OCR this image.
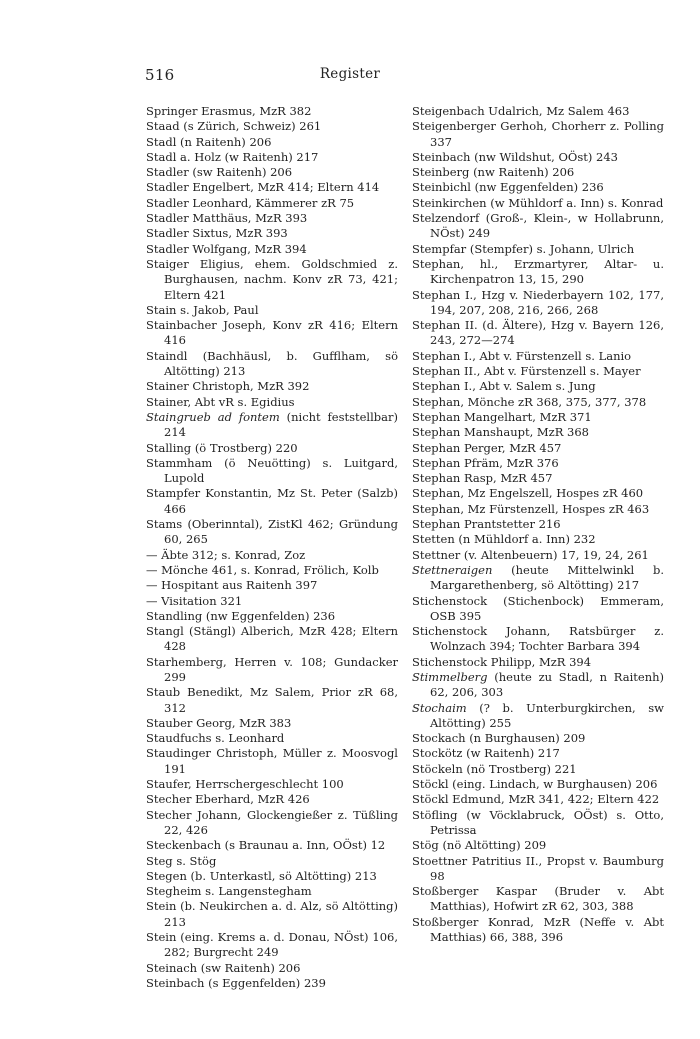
516	Register

Springer Erasmus, MzR 382

Staad (s Zürich, Schweiz) 261

Stadl (n Raitenh) 206

Stadl a. Holz (w Raitenh) 217

Stadler (sw Raitenh) 206

Stadler Engelbert, MzR 414; Eltern 414

Stadler Leonhard, Kämmerer zR 75

Stadler Matthäus, MzR 393

Stadler Sixtus, MzR 393

Stadler Wolfgang, MzR 394

Staiger Eligius, ehem. Goldschmied z. Burghausen, nachm. Konv zR 73, 421; Eltern 421

Stain s. Jakob, Paul

Stainbacher Joseph, Konv zR 416; Eltern 416

Staindl (Bachhäusl, b. Gufflham, sö Altötting) 213

Stainer Christoph, MzR 392

Stainer, Abt vR s. Egidius

Staingrueb ad fontem (nicht feststellbar) 214

Stalling (ö Trostberg) 220

Stammham (ö Neuötting) s. Luitgard, Lupold

Stampfer Konstantin, Mz St. Peter (Salzb) 466

Stams (Oberinntal), ZistKl 462; Gründung 60, 265

— Äbte 312; s. Konrad, Zoz

— Mönche 461, s. Konrad, Frölich, Kolb

— Hospitant aus Raitenh 397

— Visitation 321

Standling (nw Eggenfelden) 236

Stangl (Stängl) Alberich, MzR 428; Eltern 428

Starhemberg, Herren v. 108; Gundacker 299

Staub Benedikt, Mz Salem, Prior zR 68, 312

Stauber Georg, MzR 383

Staudfuchs s. Leonhard

Staudinger Christoph, Müller z. Moosvogl 191

Staufer, Herrschergeschlecht 100

Stecher Eberhard, MzR 426

Stecher Johann, Glockengießer z. Tüßling 22, 426

Steckenbach (s Braunau a. Inn, OÖst) 12

Steg s. Stög

Stegen (b. Unterkastl, sö Altötting) 213

Stegheim s. Langenstegham

Stein (b. Neukirchen a. d. Alz, sö Altötting) 213

Stein (eing. Krems a. d. Donau, NÖst) 106, 282; Burgrecht 249

Steinach (sw Raitenh) 206

Steinbach (s Eggenfelden) 239

Steigenbach Udalrich, Mz Salem 463

Steigenberger Gerhoh, Chorherr z. Polling 337

Steinbach (nw Wildshut, OÖst) 243

Steinberg (nw Raitenh) 206

Steinbichl (nw Eggenfelden) 236

Steinkirchen (w Mühldorf a. Inn) s. Konrad

Stelzendorf (Groß-, Klein-, w Hollabrunn, NÖst) 249

Stempfar (Stempfer) s. Johann, Ulrich

Stephan, hl., Erzmartyrer, Altar- u. Kirchenpatron 13, 15, 290

Stephan I., Hzg v. Niederbayern 102, 177, 194, 207, 208, 216, 266, 268

Stephan II. (d. Ältere), Hzg v. Bayern 126, 243, 272—274

Stephan I., Abt v. Fürstenzell s. Lanio

Stephan II., Abt v. Fürstenzell s. Mayer

Stephan I., Abt v. Salem s. Jung

Stephan, Mönche zR 368, 375, 377, 378

Stephan Mangelhart, MzR 371

Stephan Manshaupt, MzR 368

Stephan Perger, MzR 457

Stephan Pfräm, MzR 376

Stephan Rasp, MzR 457

Stephan, Mz Engelszell, Hospes zR 460

Stephan, Mz Fürstenzell, Hospes zR 463

Stephan Prantstetter 216

Stetten (n Mühldorf a. Inn) 232

Stettner (v. Altenbeuern) 17, 19, 24, 261

Stettneraigen (heute Mittelwinkl b. Margarethenberg, sö Altötting) 217

Stichenstock (Stichenbock) Emmeram, OSB 395

Stichenstock Johann, Ratsbürger z. Wolnzach 394; Tochter Barbara 394

Stichenstock Philipp, MzR 394

Stimmelberg (heute zu Stadl, n Raitenh) 62, 206, 303

Stochaim (? b. Unterburgkirchen, sw Altötting) 255

Stockach (n Burghausen) 209

Stockötz (w Raitenh) 217

Stöckeln (nö Trostberg) 221

Stöckl (eing. Lindach, w Burghausen) 206

Stöckl Edmund, MzR 341, 422; Eltern 422

Stöfling (w Vöcklabruck, OÖst) s. Otto, Petrissa

Stög (nö Altötting) 209

Stoettner Patritius II., Propst v. Baumburg 98

Stoßberger Kaspar (Bruder v. Abt Matthias), Hofwirt zR 62, 303, 388

Stoßberger Konrad, MzR (Neffe v. Abt Matthias) 66, 388, 396
